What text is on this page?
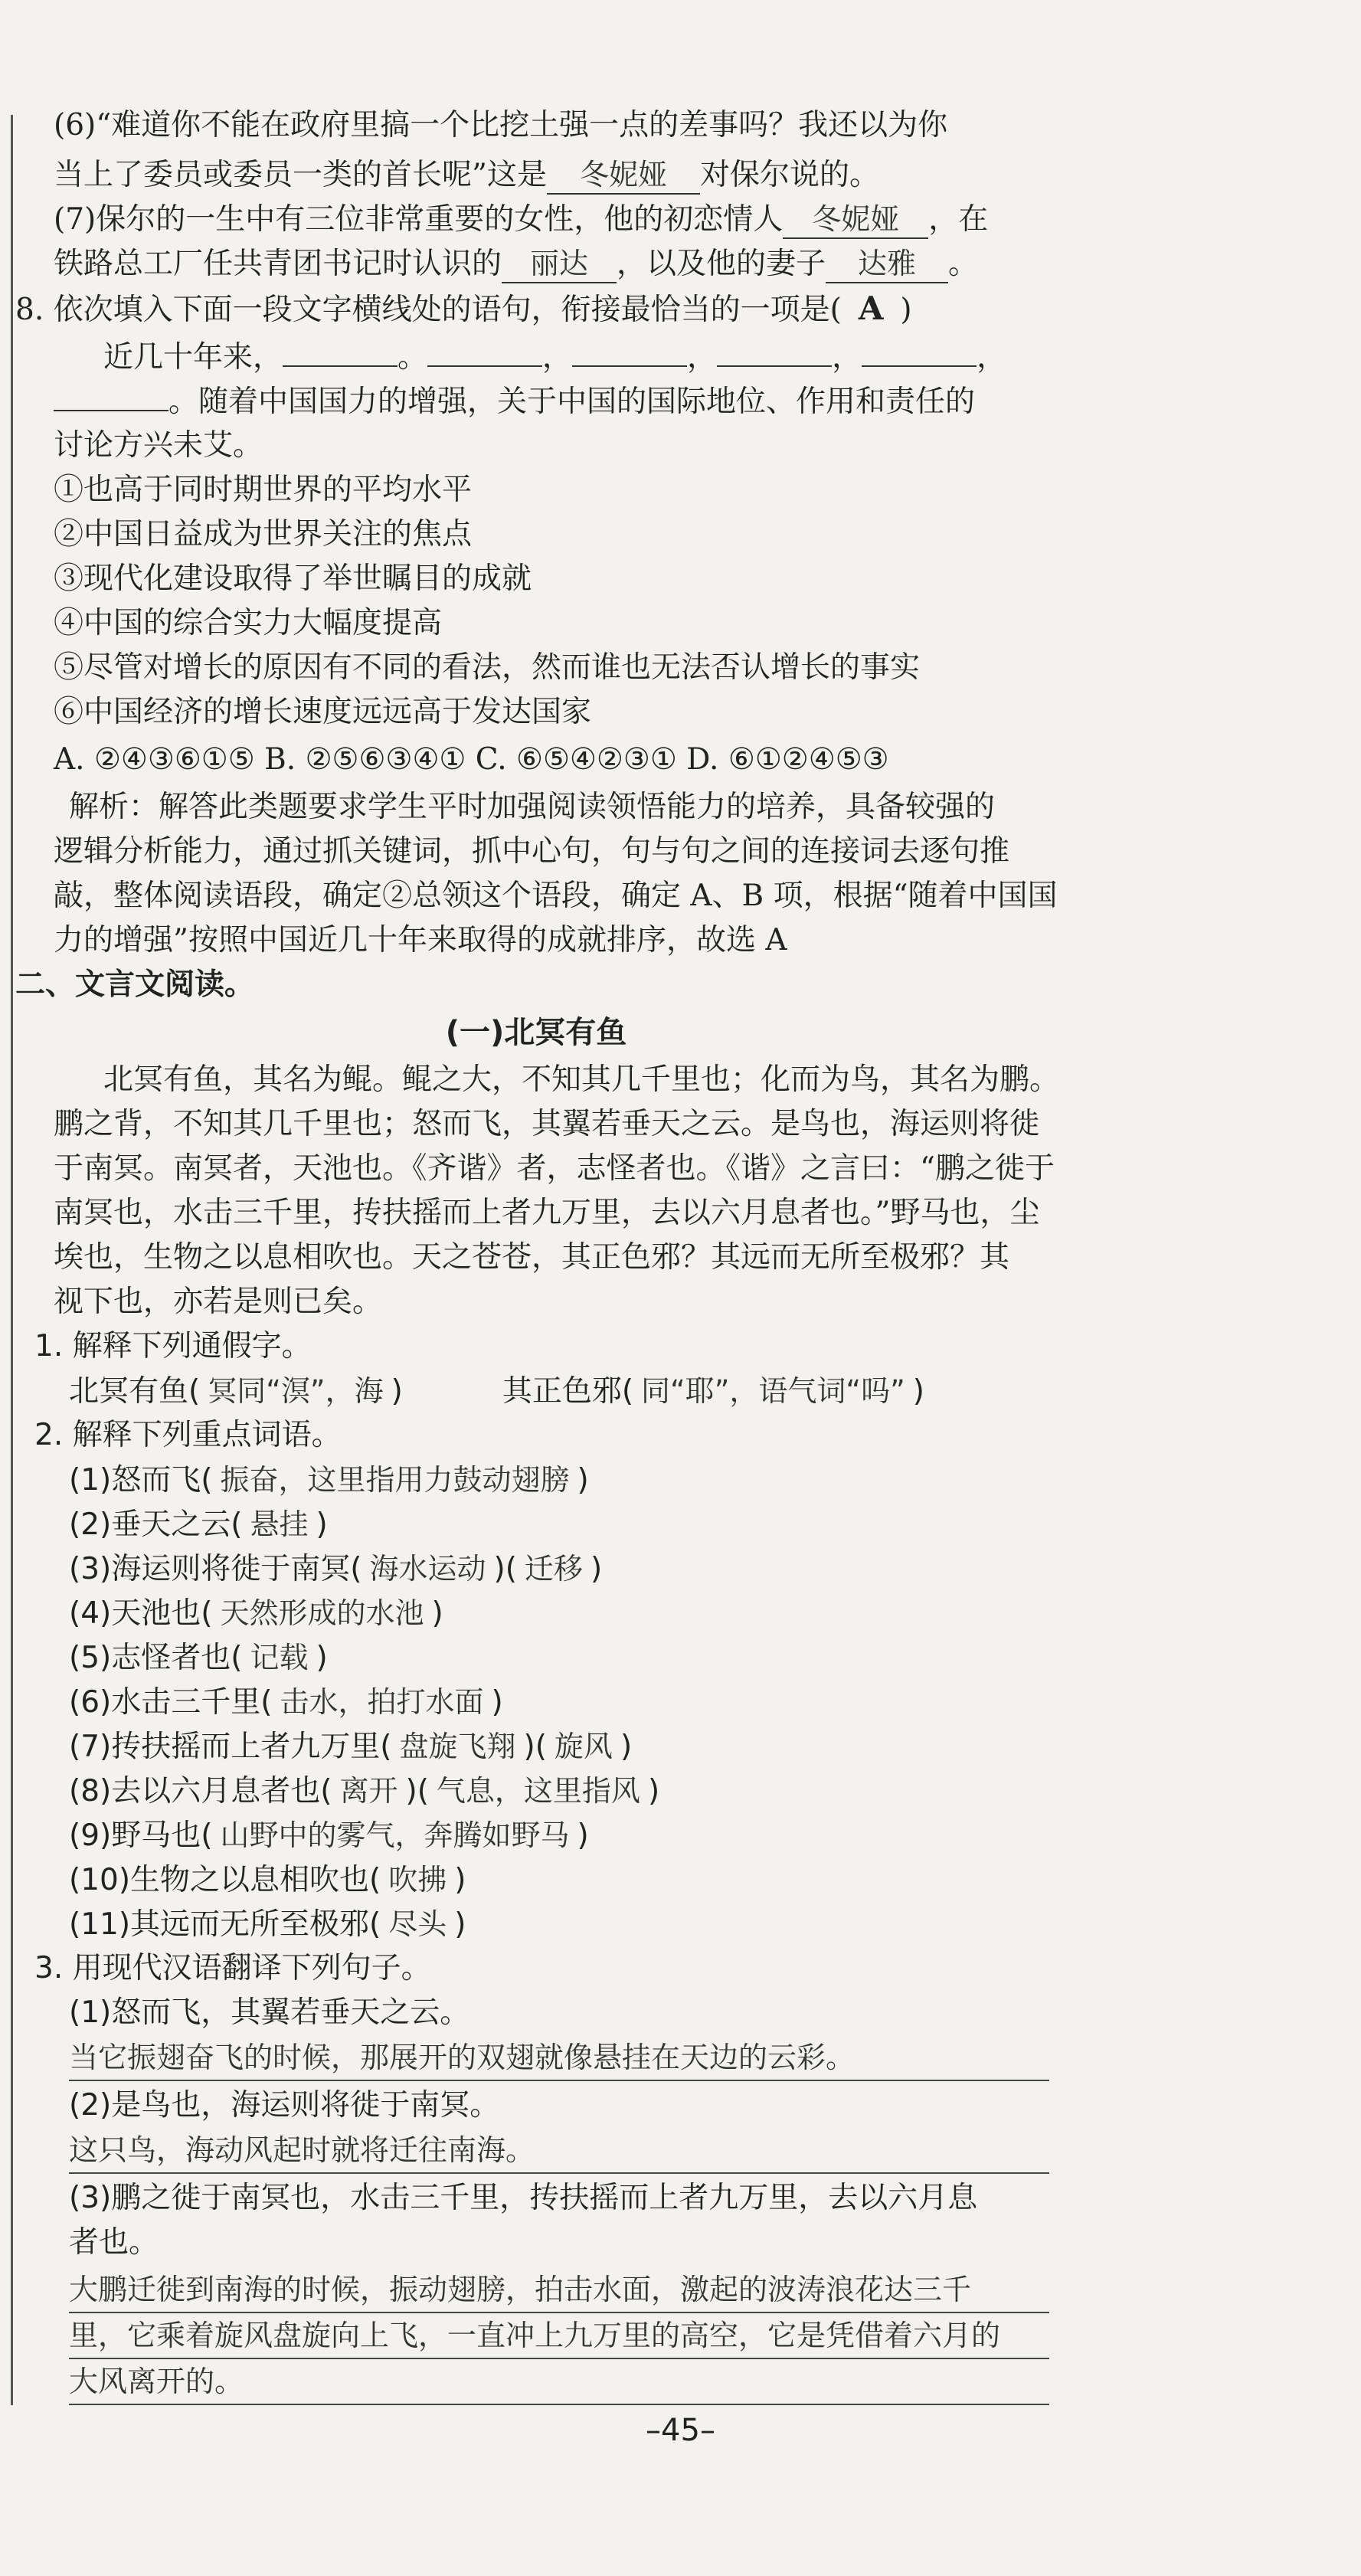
(6)“难道你不能在政府里搞一个比挖土强一点的差事吗？我还以为你
当上了委员或委员一类的首长呢”这是 冬妮娅 对保尔说的。
(7)保尔的一生中有三位非常重要的女性，他的初恋情人 冬妮娅 ，在
铁路总工厂任共青团书记时认识的 丽达 ，以及他的妻子 达雅 。
8. 依次填入下面一段文字横线处的语句，衔接最恰当的一项是( A )
近几十年来，	。	，	，	，	，
。随着中国国力的增强，关于中国的国际地位、作用和责任的
讨论方兴未艾。
①也高于同时期世界的平均水平
②中国日益成为世界关注的焦点
③现代化建设取得了举世瞩目的成就
④中国的综合实力大幅度提高
⑤尽管对增长的原因有不同的看法，然而谁也无法否认增长的事实
⑥中国经济的增长速度远远高于发达国家
A. ②④③⑥①⑤ B. ②⑤⑥③④① C. ⑥⑤④②③① D. ⑥①②④⑤③
解析：解答此类题要求学生平时加强阅读领悟能力的培养，具备较强的
逻辑分析能力，通过抓关键词，抓中心句，句与句之间的连接词去逐句推
敲，整体阅读语段，确定②总领这个语段，确定 A、B 项，根据“随着中国国
力的增强”按照中国近几十年来取得的成就排序，故选 A
二、文言文阅读。
(一)北冥有鱼
北冥有鱼，其名为鲲。鲲之大，不知其几千里也；化而为鸟，其名为鹏。
鹏之背，不知其几千里也；怒而飞，其翼若垂天之云。是鸟也，海运则将徙
于南冥。南冥者，天池也。《齐谐》者，志怪者也。《谐》之言曰：“鹏之徙于
南冥也，水击三千里，抟扶摇而上者九万里，去以六月息者也。”野马也，尘
埃也，生物之以息相吹也。天之苍苍，其正色邪？其远而无所至极邪？其
视下也，亦若是则已矣。
1. 解释下列通假字。
北冥有鱼( 冥同“溟”，海 )	其正色邪( 同“耶”，语气词“吗” )
2. 解释下列重点词语。
(1)怒而飞( 振奋，这里指用力鼓动翅膀 )
(2)垂天之云( 悬挂 )
(3)海运则将徙于南冥( 海水运动 )( 迁移 )
(4)天池也( 天然形成的水池 )
(5)志怪者也( 记载 )
(6)水击三千里( 击水，拍打水面 )
(7)抟扶摇而上者九万里( 盘旋飞翔 )( 旋风 )
(8)去以六月息者也( 离开 )( 气息，这里指风 )
(9)野马也( 山野中的雾气，奔腾如野马 )
(10)生物之以息相吹也( 吹拂 )
(11)其远而无所至极邪( 尽头 )
3. 用现代汉语翻译下列句子。
(1)怒而飞，其翼若垂天之云。
当它振翅奋飞的时候，那展开的双翅就像悬挂在天边的云彩。
(2)是鸟也，海运则将徙于南冥。
这只鸟，海动风起时就将迁往南海。
(3)鹏之徙于南冥也，水击三千里，抟扶摇而上者九万里，去以六月息
者也。
大鹏迁徙到南海的时候，振动翅膀，拍击水面，激起的波涛浪花达三千
里，它乘着旋风盘旋向上飞，一直冲上九万里的高空，它是凭借着六月的
大风离开的。
–45–
